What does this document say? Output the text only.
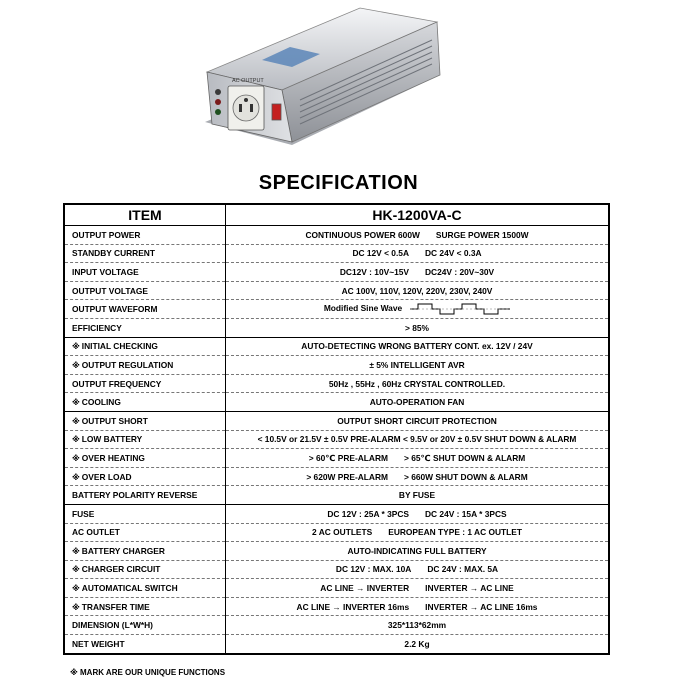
AC OUTPUT
SPECIFICATION
ITEM	HK-1200VA-C
OUTPUT POWER	CONTINUOUS POWER 600W SURGE POWER 1500W
STANDBY CURRENT	DC 12V < 0.5A DC 24V < 0.3A
INPUT VOLTAGE	DC12V : 10V~15V DC24V : 20V~30V
OUTPUT VOLTAGE	AC 100V, 110V, 120V, 220V, 230V, 240V
OUTPUT WAVEFORM	Modified Sine Wave
EFFICIENCY	> 85%
※ INITIAL CHECKING	AUTO-DETECTING WRONG BATTERY CONT. ex. 12V / 24V
※ OUTPUT REGULATION	± 5% INTELLIGENT AVR
OUTPUT FREQUENCY	50Hz , 55Hz , 60Hz CRYSTAL CONTROLLED.
※ COOLING	AUTO-OPERATION FAN
※ OUTPUT SHORT	OUTPUT SHORT CIRCUIT PROTECTION
※ LOW BATTERY	< 10.5V or 21.5V ± 0.5V PRE-ALARM < 9.5V or 20V ± 0.5V SHUT DOWN & ALARM
※ OVER HEATING	> 60℃ PRE-ALARM > 65℃ SHUT DOWN & ALARM
※ OVER LOAD	> 620W PRE-ALARM > 660W SHUT DOWN & ALARM
BATTERY POLARITY REVERSE	BY FUSE
FUSE	DC 12V : 25A * 3PCS DC 24V : 15A * 3PCS
AC OUTLET	2 AC OUTLETS EUROPEAN TYPE : 1 AC OUTLET
※ BATTERY CHARGER	AUTO-INDICATING FULL BATTERY
※ CHARGER CIRCUIT	DC 12V : MAX. 10A DC 24V : MAX. 5A
※ AUTOMATICAL SWITCH	AC LINE → INVERTER INVERTER → AC LINE
※ TRANSFER TIME	AC LINE → INVERTER 16ms INVERTER → AC LINE 16ms
DIMENSION (L*W*H)	325*113*62mm
NET WEIGHT	2.2 Kg
※ MARK ARE OUR UNIQUE FUNCTIONS
